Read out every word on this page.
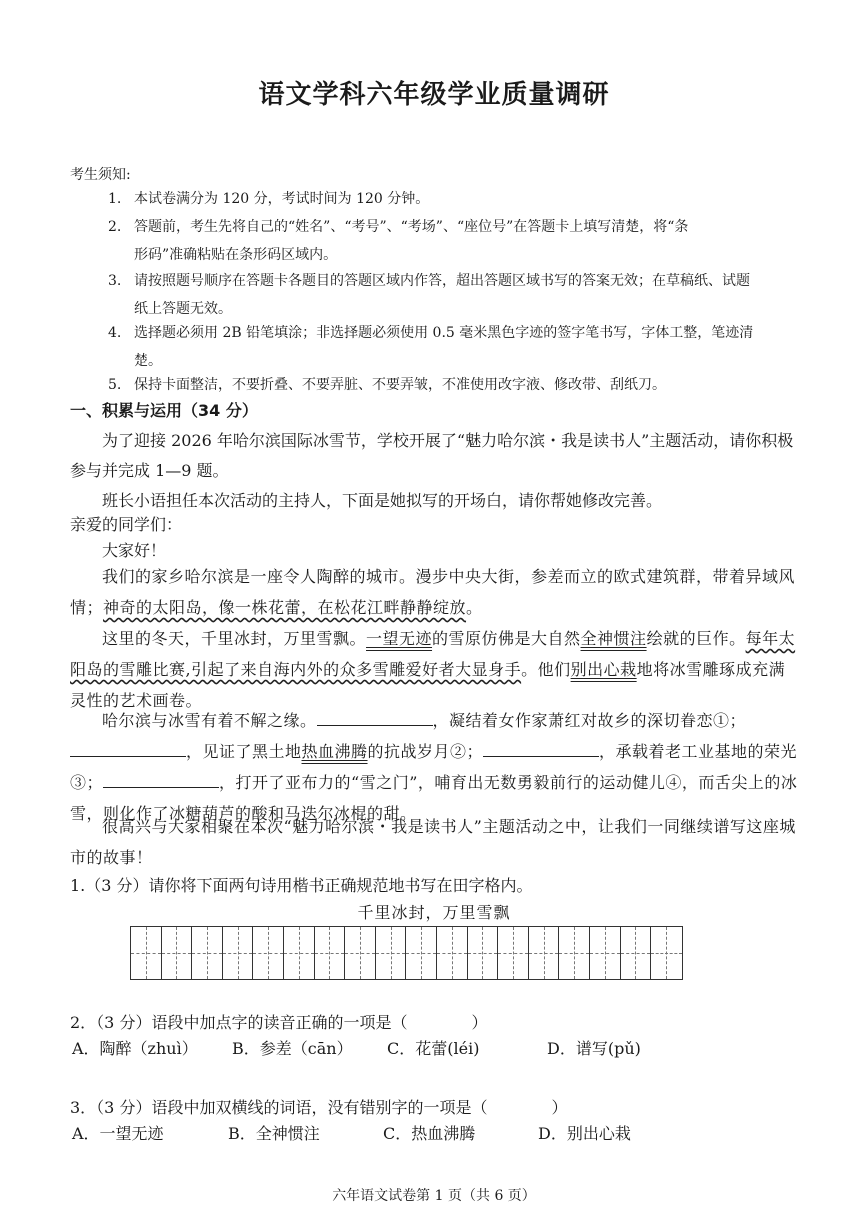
语文学科六年级学业质量调研
考生须知:
1. 本试卷满分为 120 分，考试时间为 120 分钟。
2. 答题前，考生先将自己的“姓名”、“考号”、“考场”、“座位号”在答题卡上填写清楚，将“条
形码”准确粘贴在条形码区域内。
3. 请按照题号顺序在答题卡各题目的答题区域内作答，超出答题区域书写的答案无效；在草稿纸、试题
纸上答题无效。
4. 选择题必须用 2B 铅笔填涂；非选择题必须使用 0.5 毫米黑色字迹的签字笔书写，字体工整，笔迹清
楚。
5. 保持卡面整洁，不要折叠、不要弄脏、不要弄皱，不准使用改字液、修改带、刮纸刀。
一、积累与运用（34 分）
为了迎接 2026 年哈尔滨国际冰雪节，学校开展了“魅力哈尔滨・我是读书人”主题活动，请你积极参与并完成 1—9 题。
班长小语担任本次活动的主持人，下面是她拟写的开场白，请你帮她修改完善。
亲爱的同学们：
大家好！
我们的家乡哈尔滨是一座令人陶醉的城市。漫步中央大街，参差而立的欧式建筑群，带着异域风情；神奇的太阳岛，像一株花蕾，在松花江畔静静绽放。
这里的冬天，千里冰封，万里雪飘。一望无迹的雪原仿佛是大自然全神惯注绘就的巨作。每年太阳岛的雪雕比赛,引起了来自海内外的众多雪雕爱好者大显身手。他们别出心栽地将冰雪雕琢成充满灵性的艺术画卷。
哈尔滨与冰雪有着不解之缘。	，凝结着女作家萧红对故乡的深切眷恋①；，见证了黑土地热血沸腾的抗战岁月②；	，承载着老工业基地的荣光③；	，打开了亚布力的“雪之门”，哺育出无数勇毅前行的运动健儿④，而舌尖上的冰雪，则化作了冰糖葫芦的酸和马迭尔冰棍的甜。
很高兴与大家相聚在本次“魅力哈尔滨・我是读书人”主题活动之中，让我们一同继续谱写这座城市的故事！
1.（3 分）请你将下面两句诗用楷书正确规范地书写在田字格内。
千里冰封，万里雪飘
2．（3 分）语段中加点字的读音正确的一项是（　　　　）
A．陶醉（zhuì）	B．参差（cān）	C．花蕾(léi)	D．谱写(pǔ)
3．（3 分）语段中加双横线的词语，没有错别字的一项是（　　　　）
A．一望无迹	B．全神惯注	C．热血沸腾	D．别出心栽
六年语文试卷第 1 页（共 6 页）
